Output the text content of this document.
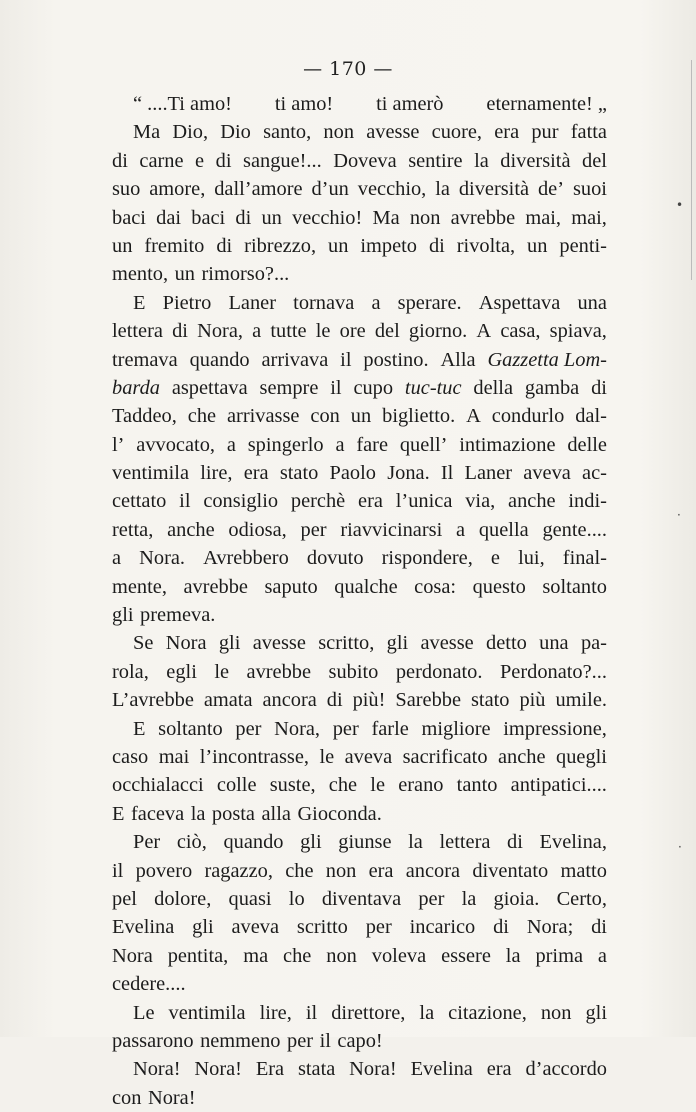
— 170 —
“ ....Ti amo! ti amo! ti amerò eternamente! „
Ma Dio, Dio santo, non avesse cuore, era pur fatta
di carne e di sangue!... Doveva sentire la diversità del
suo amore, dall’amore d’un vecchio, la diversità de’ suoi
baci dai baci di un vecchio! Ma non avrebbe mai, mai,
un fremito di ribrezzo, un impeto di rivolta, un penti-
mento, un rimorso?...
E Pietro Laner tornava a sperare. Aspettava una
lettera di Nora, a tutte le ore del giorno. A casa, spiava,
tremava quando arrivava il postino. Alla Gazzetta Lom-
barda aspettava sempre il cupo tuc-tuc della gamba di
Taddeo, che arrivasse con un biglietto. A condurlo dal-
l’ avvocato, a spingerlo a fare quell’ intimazione delle
ventimila lire, era stato Paolo Jona. Il Laner aveva ac-
cettato il consiglio perchè era l’unica via, anche indi-
retta, anche odiosa, per riavvicinarsi a quella gente....
a Nora. Avrebbero dovuto rispondere, e lui, final-
mente, avrebbe saputo qualche cosa: questo soltanto
gli premeva.
Se Nora gli avesse scritto, gli avesse detto una pa-
rola, egli le avrebbe subito perdonato. Perdonato?...
L’avrebbe amata ancora di più! Sarebbe stato più umile.
E soltanto per Nora, per farle migliore impressione,
caso mai l’incontrasse, le aveva sacrificato anche quegli
occhialacci colle suste, che le erano tanto antipatici....
E faceva la posta alla Gioconda.
Per ciò, quando gli giunse la lettera di Evelina,
il povero ragazzo, che non era ancora diventato matto
pel dolore, quasi lo diventava per la gioia. Certo,
Evelina gli aveva scritto per incarico di Nora; di
Nora pentita, ma che non voleva essere la prima a
cedere....
Le ventimila lire, il direttore, la citazione, non gli
passarono nemmeno per il capo!
Nora! Nora! Era stata Nora! Evelina era d’accordo
con Nora!
•
·
·
